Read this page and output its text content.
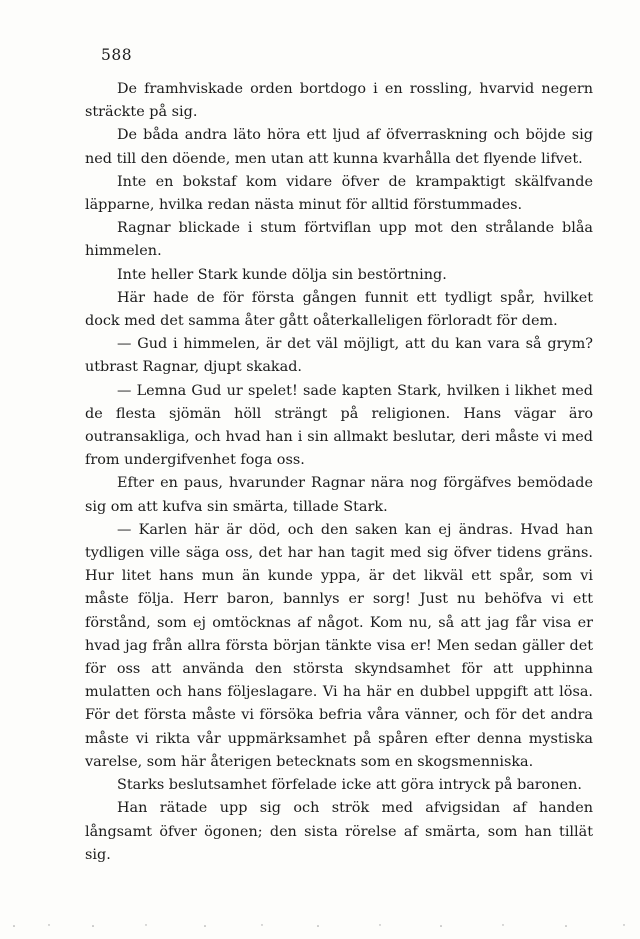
588

De framhviskade orden bortdogo i en rossling, hvarvid negern sträckte på sig.

De båda andra läto höra ett ljud af öfverraskning och böjde sig ned till den döende, men utan att kunna kvarhålla det flyende lifvet.

Inte en bokstaf kom vidare öfver de krampaktigt skälfvande läpparne, hvilka redan nästa minut för alltid förstummades.

Ragnar blickade i stum förtviflan upp mot den strålande blåa himmelen.

Inte heller Stark kunde dölja sin bestörtning.

Här hade de för första gången funnit ett tydligt spår, hvilket dock med det samma åter gått oåterkalleligen förloradt för dem.

— Gud i himmelen, är det väl möjligt, att du kan vara så grym? utbrast Ragnar, djupt skakad.

— Lemna Gud ur spelet! sade kapten Stark, hvilken i likhet med de flesta sjömän höll strängt på religionen. Hans vägar äro outransakliga, och hvad han i sin allmakt beslutar, deri måste vi med from undergifvenhet foga oss.

Efter en paus, hvarunder Ragnar nära nog förgäfves bemödade sig om att kufva sin smärta, tillade Stark.

— Karlen här är död, och den saken kan ej ändras. Hvad han tydligen ville säga oss, det har han tagit med sig öfver tidens gräns. Hur litet hans mun än kunde yppa, är det likväl ett spår, som vi måste följa. Herr baron, bannlys er sorg! Just nu behöfva vi ett förstånd, som ej omtöcknas af något. Kom nu, så att jag får visa er hvad jag från allra första början tänkte visa er! Men sedan gäller det för oss att använda den största skyndsamhet för att upphinna mulatten och hans följeslagare. Vi ha här en dubbel uppgift att lösa. För det första måste vi försöka befria våra vänner, och för det andra måste vi rikta vår uppmärksamhet på spåren efter denna mystiska varelse, som här återigen betecknats som en skogsmenniska.

Starks beslutsamhet förfelade icke att göra intryck på baronen.

Han rätade upp sig och strök med afvigsidan af handen långsamt öfver ögonen; den sista rörelse af smärta, som han tillät sig.
